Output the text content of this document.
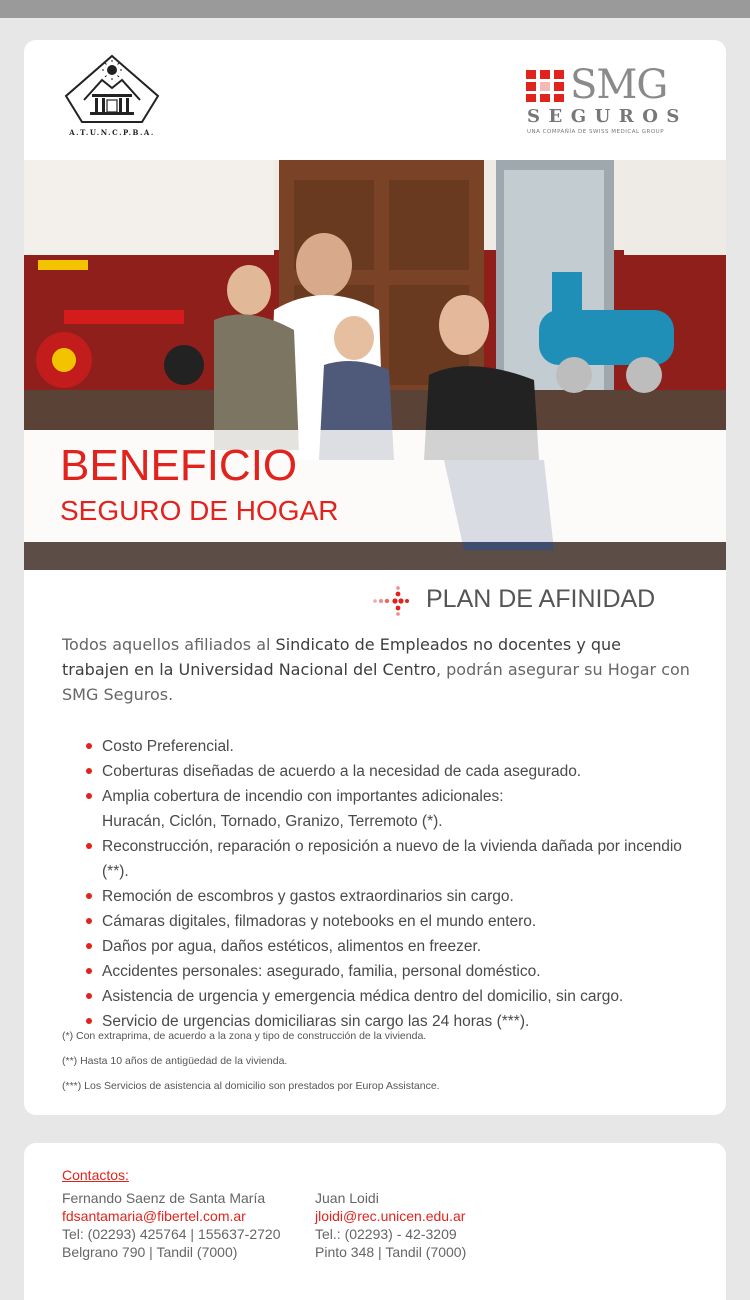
A.T.U.N.C.P.B.A.
SMG
SEGUROS
UNA COMPAÑÍA DE SWISS MEDICAL GROUP
BENEFICIO
SEGURO DE HOGAR
PLAN DE AFINIDAD
Todos aquellos afiliados al Sindicato de Empleados no docentes y que trabajen en la Universidad Nacional del Centro, podrán asegurar su Hogar con SMG Seguros.
Costo Preferencial.
Coberturas diseñadas de acuerdo a la necesidad de cada asegurado.
Amplia cobertura de incendio con importantes adicionales:
Huracán, Ciclón, Tornado, Granizo, Terremoto (*).
Reconstrucción, reparación o reposición a nuevo de la vivienda dañada por incendio (**).
Remoción de escombros y gastos extraordinarios sin cargo.
Cámaras digitales, filmadoras y notebooks en el mundo entero.
Daños por agua, daños estéticos, alimentos en freezer.
Accidentes personales: asegurado, familia, personal doméstico.
Asistencia de urgencia y emergencia médica dentro del domicilio, sin cargo.
Servicio de urgencias domiciliaras sin cargo las 24 horas (***).
(*) Con extraprima, de acuerdo a la zona y tipo de construcción de la vivienda.
(**) Hasta 10 años de antigüedad de la vivienda.
(***) Los Servicios de asistencia al domicilio son prestados por Europ Assistance.
Contactos:
Fernando Saenz de Santa María
fdsantamaria@fibertel.com.ar
Tel: (02293) 425764 | 155637-2720
Belgrano 790 | Tandil (7000)
Juan Loidi
jloidi@rec.unicen.edu.ar
Tel.: (02293) - 42-3209
Pinto 348 | Tandil (7000)
